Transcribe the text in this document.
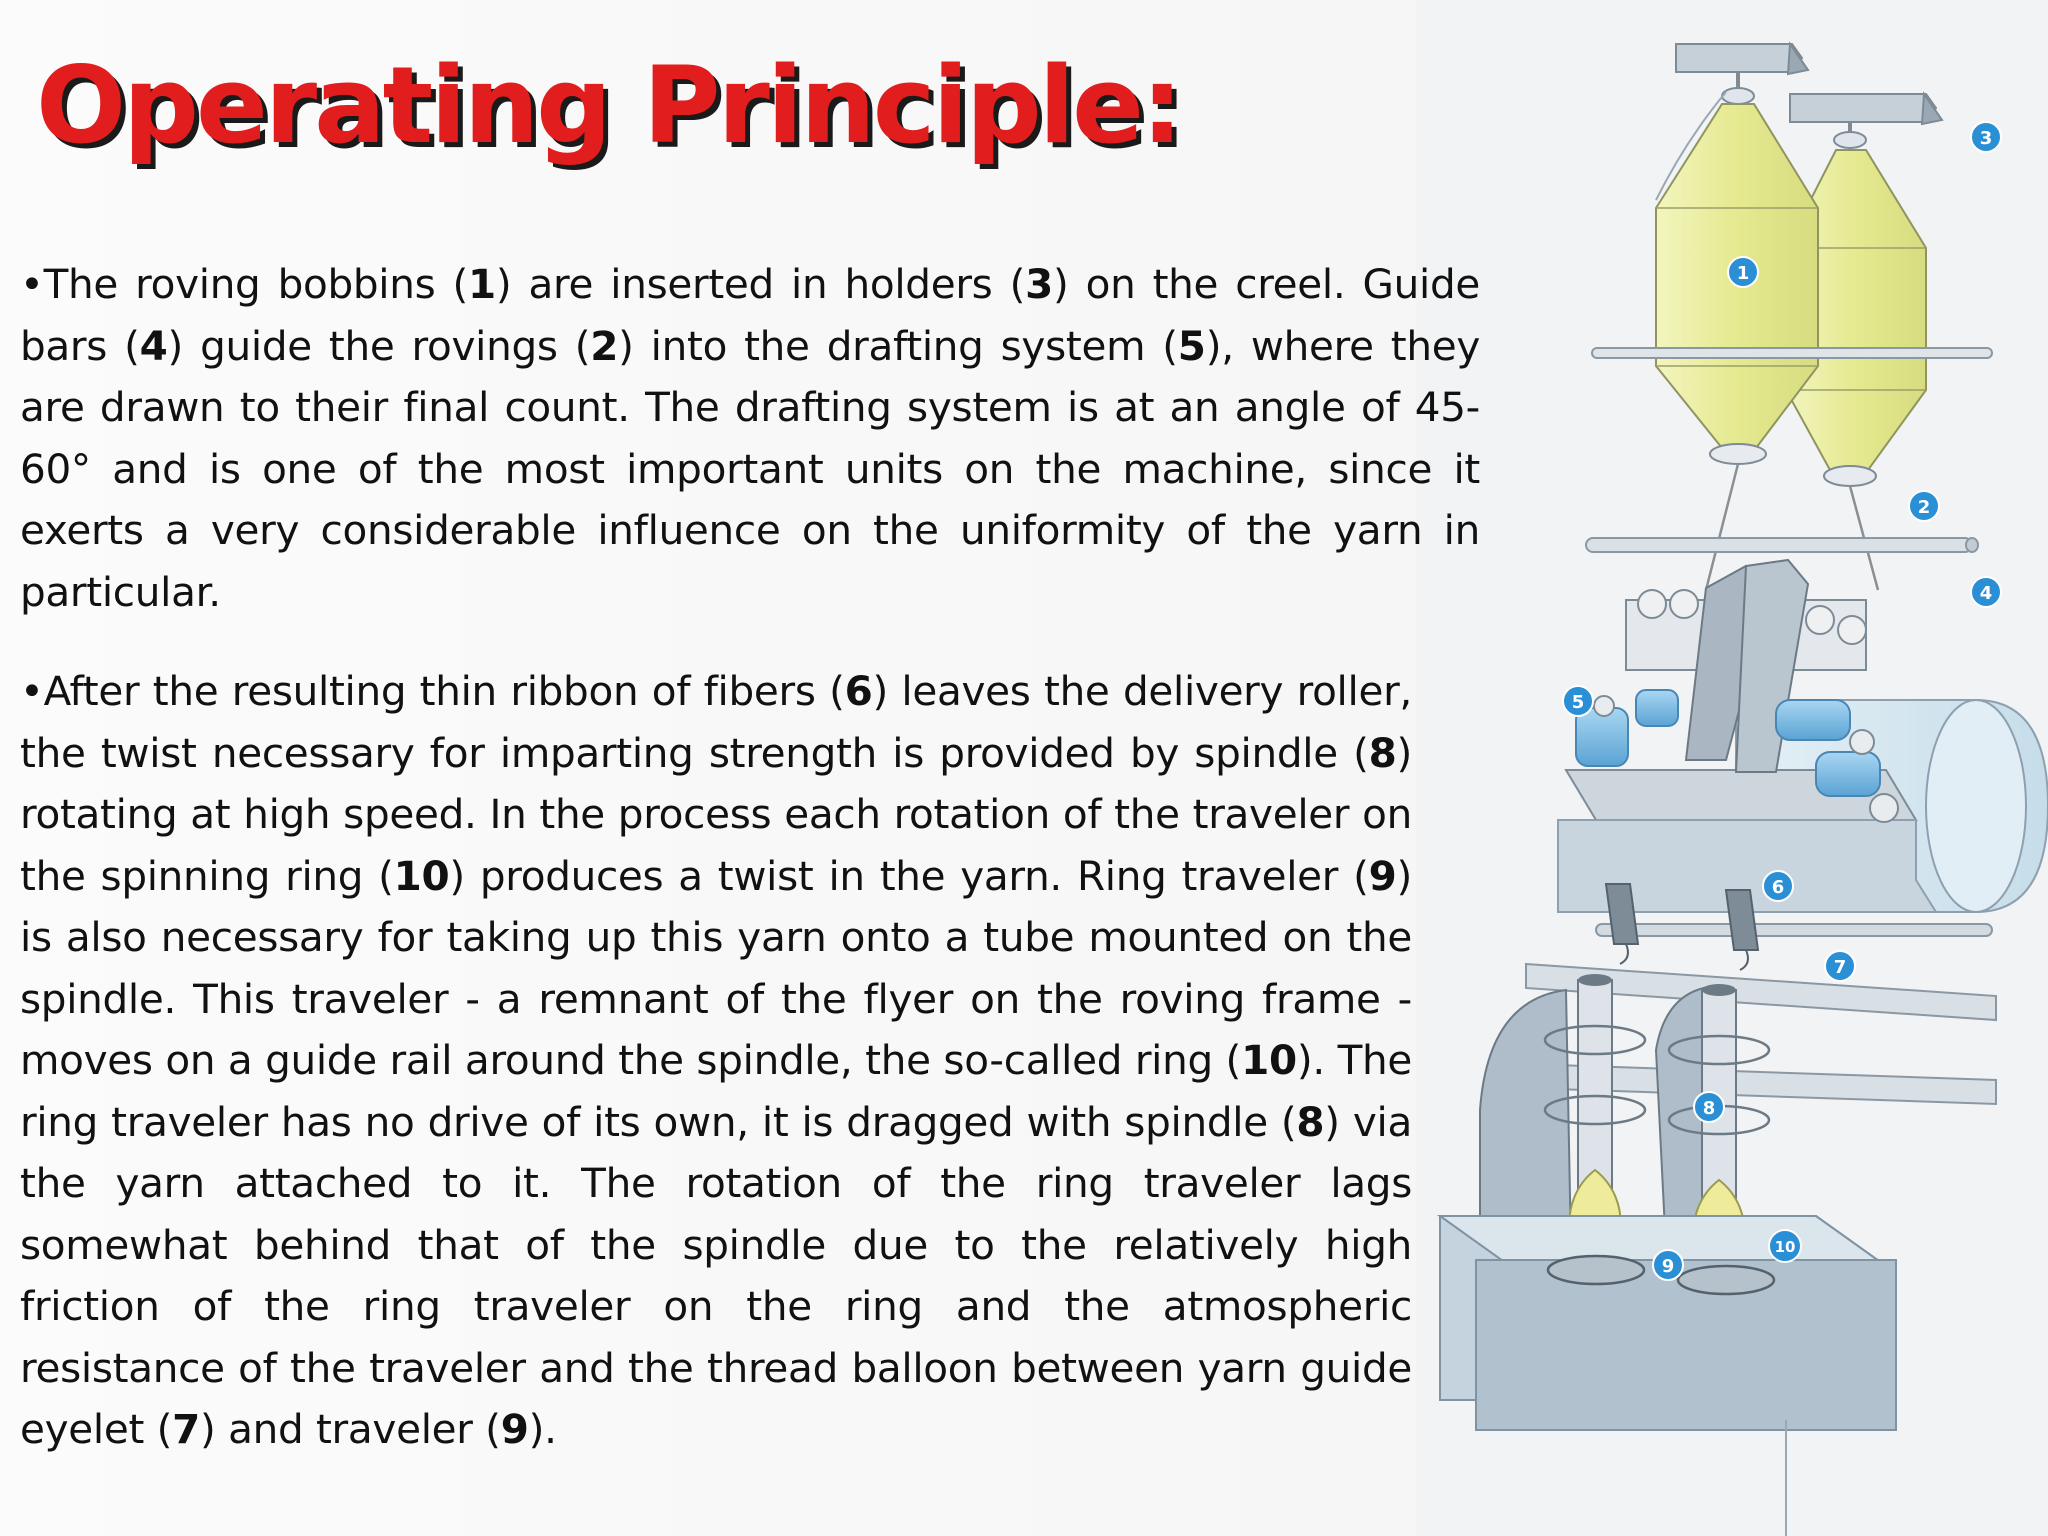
Operating Principle:

•The roving bobbins (1) are inserted in holders (3) on the creel. Guide bars (4) guide the rovings (2) into the drafting system (5), where they are drawn to their final count. The drafting system is at an angle of 45-60° and is one of the most important units on the machine, since it exerts a very considerable influence on the uniformity of the yarn in particular.

•After the resulting thin ribbon of fibers (6) leaves the delivery roller, the twist necessary for imparting strength is provided by spindle (8) rotating at high speed. In the process each rotation of the traveler on the spinning ring (10) produces a twist in the yarn. Ring traveler (9) is also necessary for taking up this yarn onto a tube mounted on the spindle. This traveler - a remnant of the flyer on the roving frame - moves on a guide rail around the spindle, the so-called ring (10). The ring traveler has no drive of its own, it is dragged with spindle (8) via the yarn attached to it. The rotation of the ring traveler lags somewhat behind that of the spindle due to the relatively high friction of the ring traveler on the ring and the atmospheric resistance of the traveler and the thread balloon between yarn guide eyelet (7) and traveler (9).

1
2
3
4
5
6
7
8
9
10
